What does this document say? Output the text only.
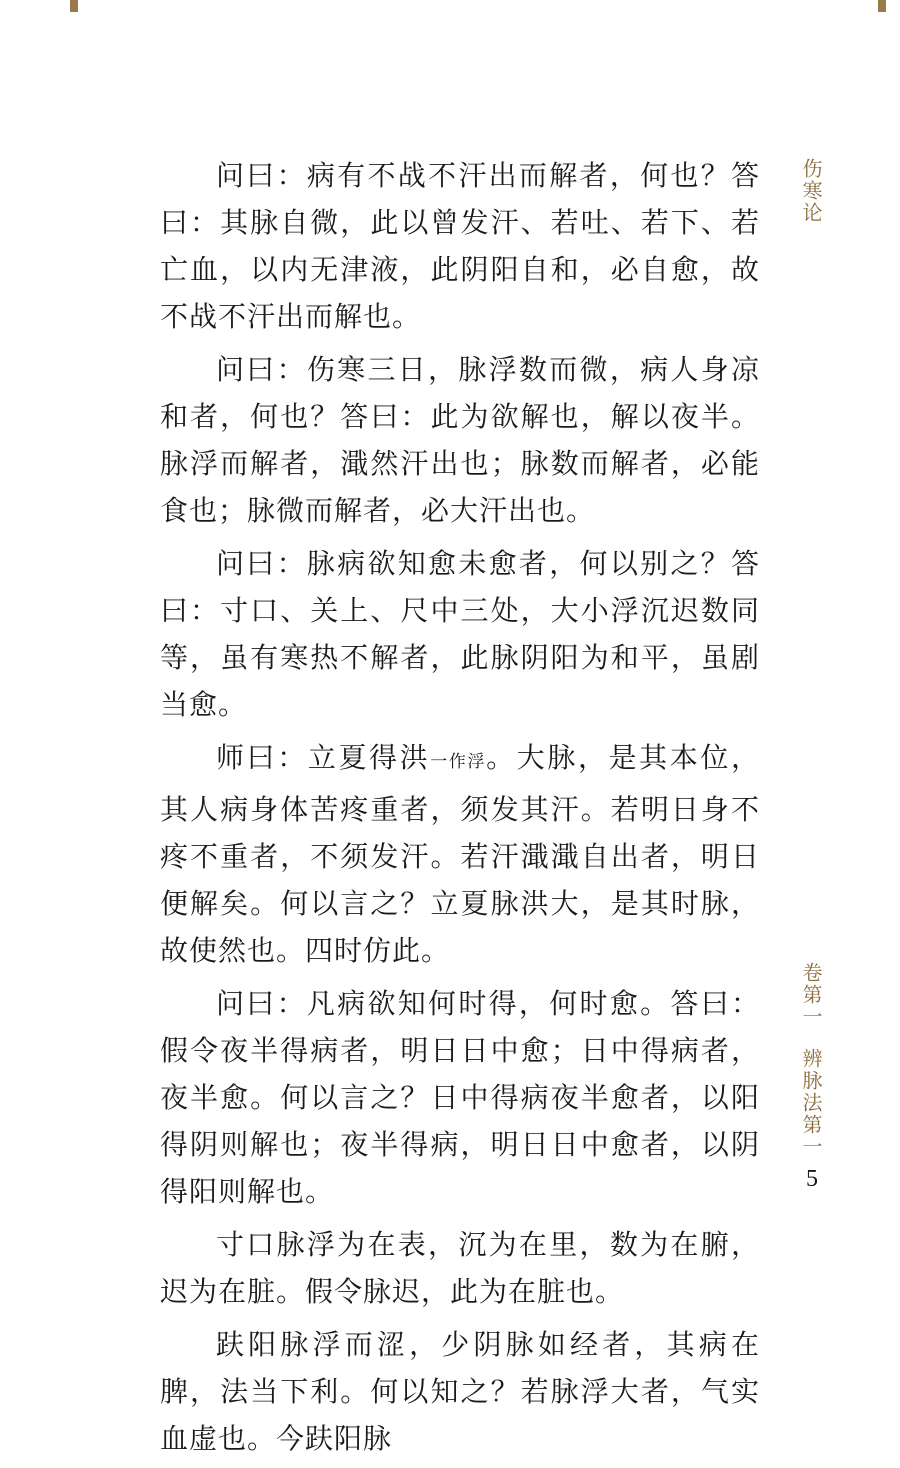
问曰：病有不战不汗出而解者，何也？答曰：其脉自微，此以曾发汗、若吐、若下、若亡血，以内无津液，此阴阳自和，必自愈，故不战不汗出而解也。

问曰：伤寒三日，脉浮数而微，病人身凉和者，何也？答曰：此为欲解也，解以夜半。脉浮而解者，濈然汗出也；脉数而解者，必能食也；脉微而解者，必大汗出也。

问曰：脉病欲知愈未愈者，何以别之？答曰：寸口、关上、尺中三处，大小浮沉迟数同等，虽有寒热不解者，此脉阴阳为和平，虽剧当愈。

师曰：立夏得洪一作浮。大脉，是其本位，其人病身体苦疼重者，须发其汗。若明日身不疼不重者，不须发汗。若汗濈濈自出者，明日便解矣。何以言之？立夏脉洪大，是其时脉，故使然也。四时仿此。

问曰：凡病欲知何时得，何时愈。答曰：假令夜半得病者，明日日中愈；日中得病者，夜半愈。何以言之？日中得病夜半愈者，以阳得阴则解也；夜半得病，明日日中愈者，以阴得阳则解也。

寸口脉浮为在表，沉为在里，数为在腑，迟为在脏。假令脉迟，此为在脏也。

趺阳脉浮而涩，少阴脉如经者，其病在脾，法当下利。何以知之？若脉浮大者，气实血虚也。今趺阳脉

伤寒论
卷第一
辨脉法第一
5
